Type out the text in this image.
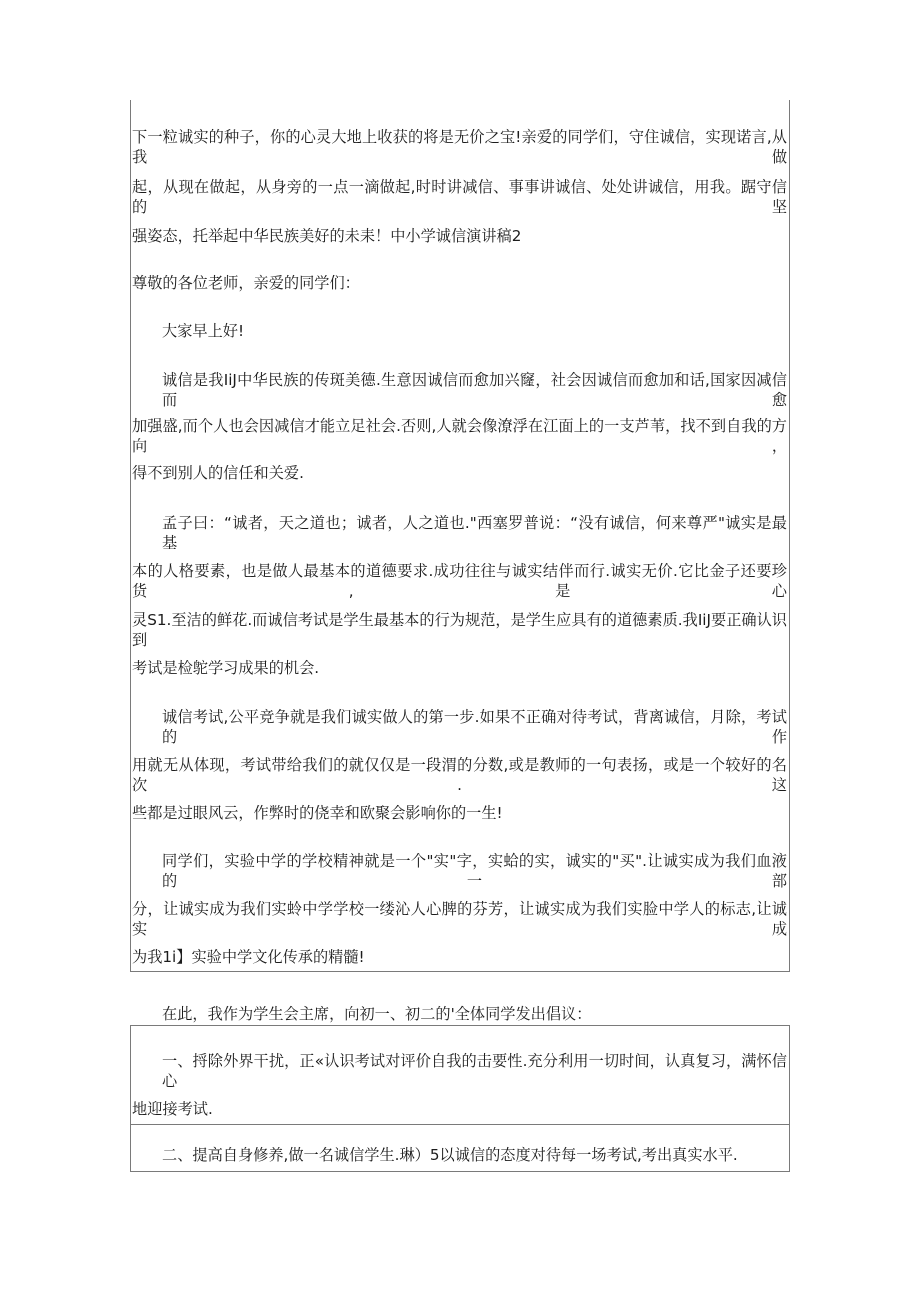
下一粒诚实的种子，你的心灵大地上收获的将是无价之宝!亲爱的同学们，守住诚信，实现诺言,从我做
起，从现在做起，从身旁的一点一滴做起,时时讲减信、事事讲诚信、处处讲诚信，用我。踞守信的坚
强姿态，托举起中华民族美好的未耒！中小学诚信演讲稿2
尊敬的各位老师，亲爱的同学们：
大家早上好!
诚信是我IiJ中华民族的传斑美德.生意因诚信而愈加兴窿，社会因诚信而愈加和话,国家因减信而愈
加强盛,而个人也会因减信才能立足社会.否则,人就会像潦浮在江面上的一支芦苇，找不到自我的方向，
得不到别人的信任和关爱.
孟子曰：“诚者，天之道也；诚者，人之道也."西塞罗普说：“没有诚信，何来尊严"诚实是最基
本的人格要素，也是做人最基本的道德要求.成功往往与诚实结伴而行.诚实无价.它比金子还要珍货,是心
灵S1.至洁的鲜花.而诚信考试是学生最基本的行为规范，是学生应具有的道德素质.我IiJ要正确认识到
考试是检鸵学习成果的机会.
诚信考试,公平竞争就是我们诚实做人的第一步.如果不正确对待考试，背离诚信，月除，考试的作
用就无从体现，考试带给我们的就仅仅是一段渭的分数,或是教师的一句表扬，或是一个较好的名次.这
些都是过眼风云，作弊时的侥幸和欧聚会影响你的一生!
同学们，实验中学的学校精神就是一个"实"字，实蛤的实，诚实的"买".让诚实成为我们血液的一部
分，让诚实成为我们实蛉中学学校一缕沁人心脾的芬芳，让诚实成为我们实脸中学人的标志,让诚实成
为我1i】实验中学文化传承的精髓!
在此，我作为学生会主席，向初一、初二的'全体同学发出倡议：
一、捋除外界干扰，正«认识考试对评价自我的击要性.充分利用一切时间，认真复习，满怀信心
地迎接考试.
二、提高自身修养,做一名诚信学生.琳）5以诚信的态度对待每一场考试,考出真实水平.
